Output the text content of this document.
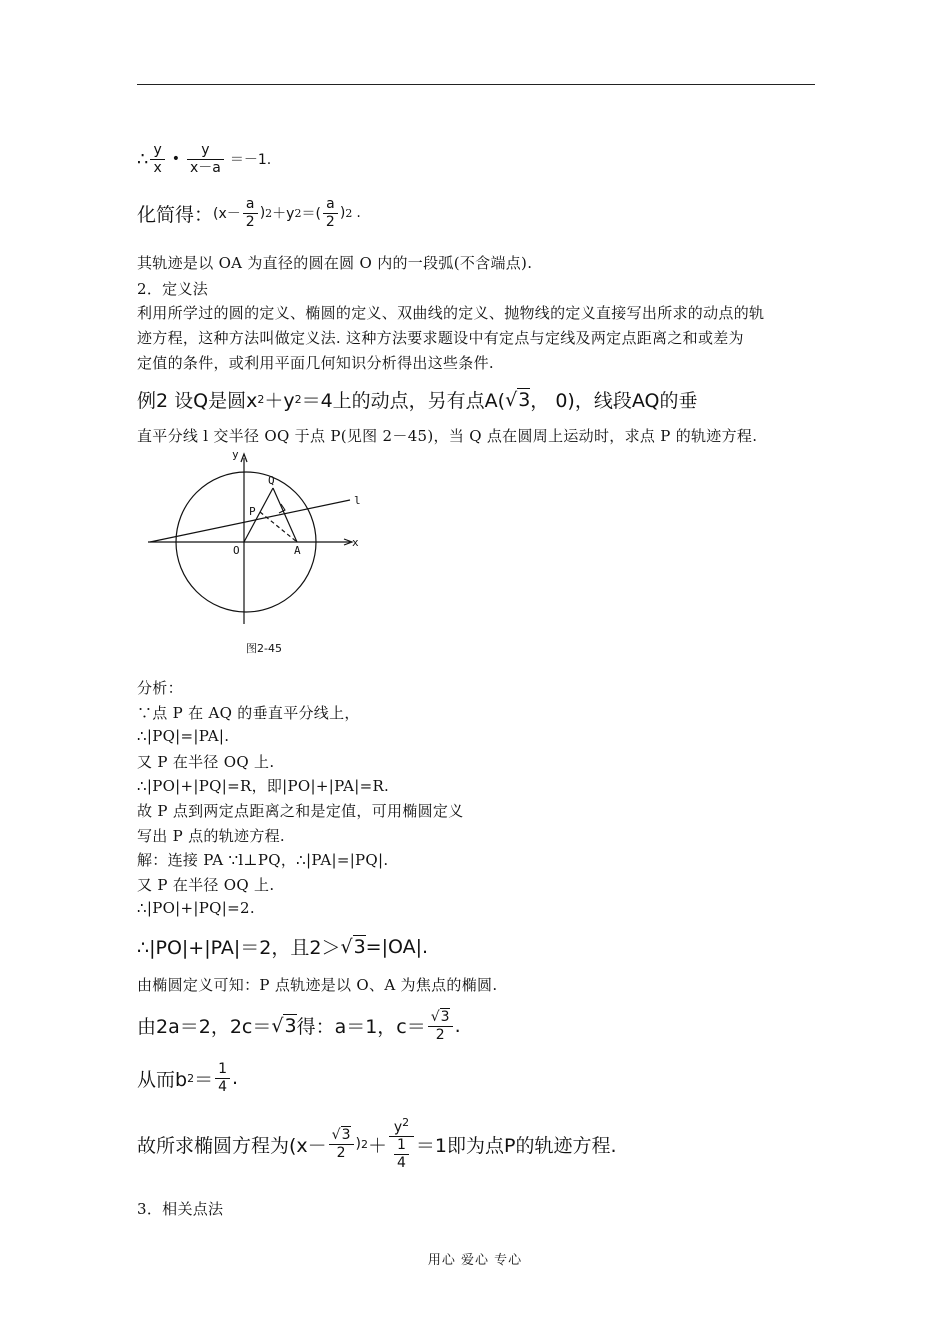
∴ $\frac{y}{x}$ • $\frac{y}{x-a} =-1$.
化简得： ($x- \frac{a}{2}$ ) 2 ＋y 2 ＝( $\frac{a}{2}$ ) 2 .
其轨迹是以 OA 为直径的圆在圆 O 内的一段弧(不含端点).
2．定义法
利用所学过的圆的定义、椭圆的定义、双曲线的定义、抛物线的定义直接写出所求的动点的轨
迹方程，这种方法叫做定义法. 这种方法要求题设中有定点与定线及两定点距离之和或差为
定值的条件，或利用平面几何知识分析得出这些条件.
例2 设Q是圆x 2 ＋y 2 ＝4上的动点，另有点A( √ 3 ， 0)，线段AQ的垂
直平分线 l 交半径 OQ 于点 P(见图 2－45)，当 Q 点在圆周上运动时，求点 P 的轨迹方程.
y
x
l
Q
P
O	A
图2-45
分析：
∵点 P 在 AQ 的垂直平分线上，
∴|PQ|=|PA|.
又 P 在半径 OQ 上.
∴|PO|+|PQ|=R，即|PO|+|PA|=R.
故 P 点到两定点距离之和是定值，可用椭圆定义
写出 P 点的轨迹方程.
解：连接 PA ∵l⊥PQ，∴|PA|=|PQ|.
又 P 在半径 OQ 上.
∴|PO|+|PQ|=2.
∴|PO|+|PA|＝2，且2＞ √ 3 =|OA|.
由椭圆定义可知：P 点轨迹是以 O、A 为焦点的椭圆.
由2a＝2，2c＝ √ 3 得：a＝1，$c= \frac{√3}{2}$ .
从而b $2 = \frac{1}{4}$ .
故所求椭圆方程为($x- \frac{√3}{2}$ ) $2 + \frac{y^2}{\frac{1}{4}} =1$即为点P的轨迹方程.
3．相关点法
用心 爱心 专心
